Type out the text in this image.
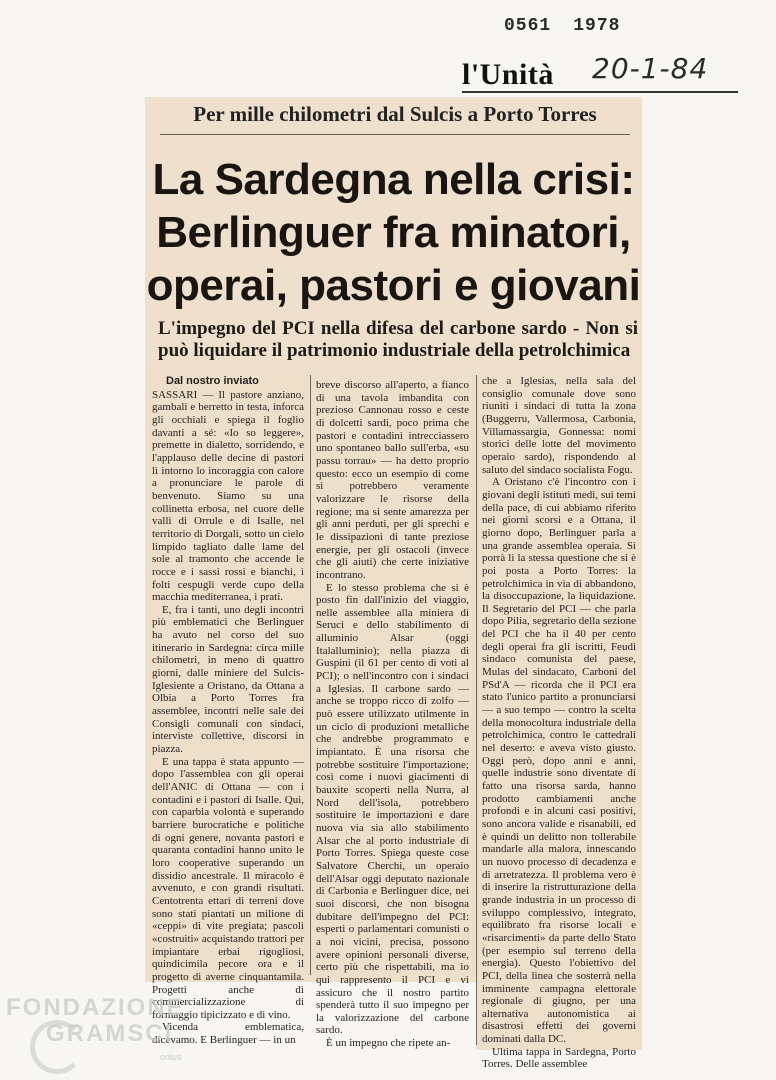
0561 1978
l'Unità 20-1-84
Per mille chilometri dal Sulcis a Porto Torres
La Sardegna nella crisi:
Berlinguer fra minatori,
operai, pastori e giovani
L'impegno del PCI nella difesa del carbone sardo - Non si può liquidare il patrimonio industriale della petrolchimica
Dal nostro inviato

SASSARI — Il pastore anziano, gambali e berretto in testa, inforca gli occhiali e spiega il foglio davanti a sé: «Io so leggere», premette in dialetto, sorridendo, e l'applauso delle decine di pastori lì intorno lo incoraggia con calore a pronunciare le parole di benvenuto. Siamo su una collinetta erbosa, nel cuore delle valli di Orrule e di Isalle, nel territorio di Dorgali, sotto un cielo limpido tagliato dalle lame del sole al tramonto che accende le rocce e i sassi rossi e bianchi, i folti cespugli verde cupo della macchia mediterranea, i prati.

E, fra i tanti, uno degli incontri più emblematici che Berlinguer ha avuto nel corso del suo itinerario in Sardegna: circa mille chilometri, in meno di quattro giorni, dalle miniere del Sulcis-Iglesiente a Oristano, da Ottana a Olbia a Porto Torres fra assemblee, incontri nelle sale dei Consigli comunali con sindaci, interviste collettive, discorsi in piazza.

E una tappa è stata appunto — dopo l'assemblea con gli operai dell'ANIC di Ottana — con i contadini e i pastori di Isalle. Qui, con caparbia volontà e superando barriere burocratiche e politiche di ogni genere, novanta pastori e quaranta contadini hanno unito le loro cooperative superando un dissidio ancestrale. Il miracolo è avvenuto, e con grandi risultati. Centotrenta ettari di terreni dove sono stati piantati un milione di «ceppi» di vite pregiata; pascoli «costruiti» acquistando trattori per impiantare erbai rigogliosi, quindicimila pecore ora e il progetto di averne cinquantamila. Progetti anche di commercializzazione di formaggio tipicizzato e di vino.

Vicenda emblematica, dicevamo. E Berlinguer — in un

breve discorso all'aperto, a fianco di una tavola imbandita con prezioso Cannonau rosso e ceste di dolcetti sardi, poco prima che pastori e contadini intrecciassero uno spontaneo ballo sull'erba, «su passu torrau» — ha detto proprio questo: ecco un esempio di come si potrebbero veramente valorizzare le risorse della regione; ma si sente amarezza per gli anni perduti, per gli sprechi e le dissipazioni di tante preziose energie, per gli ostacoli (invece che gli aiuti) che certe iniziative incontrano.

E lo stesso problema che si è posto fin dall'inizio del viaggio, nelle assemblee alla miniera di Seruci e dello stabilimento di alluminio Alsar (oggi Italalluminio); nella piazza di Guspini (il 61 per cento di voti al PCI); o nell'incontro con i sindaci a Iglesias. Il carbone sardo — anche se troppo ricco di zolfo — può essere utilizzato utilmente in un ciclo di produzioni metalliche che andrebbe programmato e impiantato. È una risorsa che potrebbe sostituire l'importazione; così come i nuovi giacimenti di bauxite scoperti nella Nurra, al Nord dell'isola, potrebbero sostituire le importazioni e dare nuova via sia allo stabilimento Alsar che al porto industriale di Porto Torres. Spiega queste cose Salvatore Cherchi, un operaio dell'Alsar oggi deputato nazionale di Carbonia e Berlinguer dice, nei suoi discorsi, che non bisogna dubitare dell'impegno del PCI: esperti o parlamentari comunisti o a noi vicini, precisa, possono avere opinioni personali diverse, certo più che rispettabili, ma io qui rappresento il PCI e vi assicuro che il nostro partito spenderà tutto il suo impegno per la valorizzazione del carbone sardo.

È un impegno che ripete an-

che a Iglesias, nella sala del consiglio comunale dove sono riuniti i sindaci di tutta la zona (Buggerru, Vallermosa, Carbonia, Villamassargia, Gonnessa: nomi storici delle lotte del movimento operaio sardo), rispondendo al saluto del sindaco socialista Fogu.

A Oristano c'è l'incontro con i giovani degli istituti medi, sui temi della pace, di cui abbiamo riferito nei giorni scorsi e a Ottana, il giorno dopo, Berlinguer parla a una grande assemblea operaia. Si porrà lì la stessa questione che si è poi posta a Porto Torres: la petrolchimica in via di abbandono, la disoccupazione, la liquidazione. Il Segretario del PCI — che parla dopo Pilia, segretario della sezione del PCI che ha il 40 per cento degli operai fra gli iscritti, Feudi sindaco comunista del paese, Mulas del sindacato, Carboni del PSd'A — ricorda che il PCI era stato l'unico partito a pronunciarsi — a suo tempo — contro la scelta della monocoltura industriale della petrolchimica, contro le cattedrali nel deserto: e aveva visto giusto. Oggi però, dopo anni e anni, quelle industrie sono diventate di fatto una risorsa sarda, hanno prodotto cambiamenti anche profondi e in alcuni casi positivi, sono ancora valide e risanabili, ed è quindi un delitto non tollerabile mandarle alla malora, innescando un nuovo processo di decadenza e di arretratezza. Il problema vero è di inserire la ristrutturazione della grande industria in un processo di sviluppo complessivo, integrato, equilibrato fra risorse locali e «risarcimenti» da parte dello Stato (per esempio sul terreno della energia). Questo l'obiettivo del PCI, della linea che sosterrà nella imminente campagna elettorale regionale di giugno, per una alternativa autonomistica ai disastrosi effetti dei governi dominati dalla DC.

Ultima tappa in Sardegna, Porto Torres. Delle assemblee

FONDAZIONE
GRAMSCI
onlus
